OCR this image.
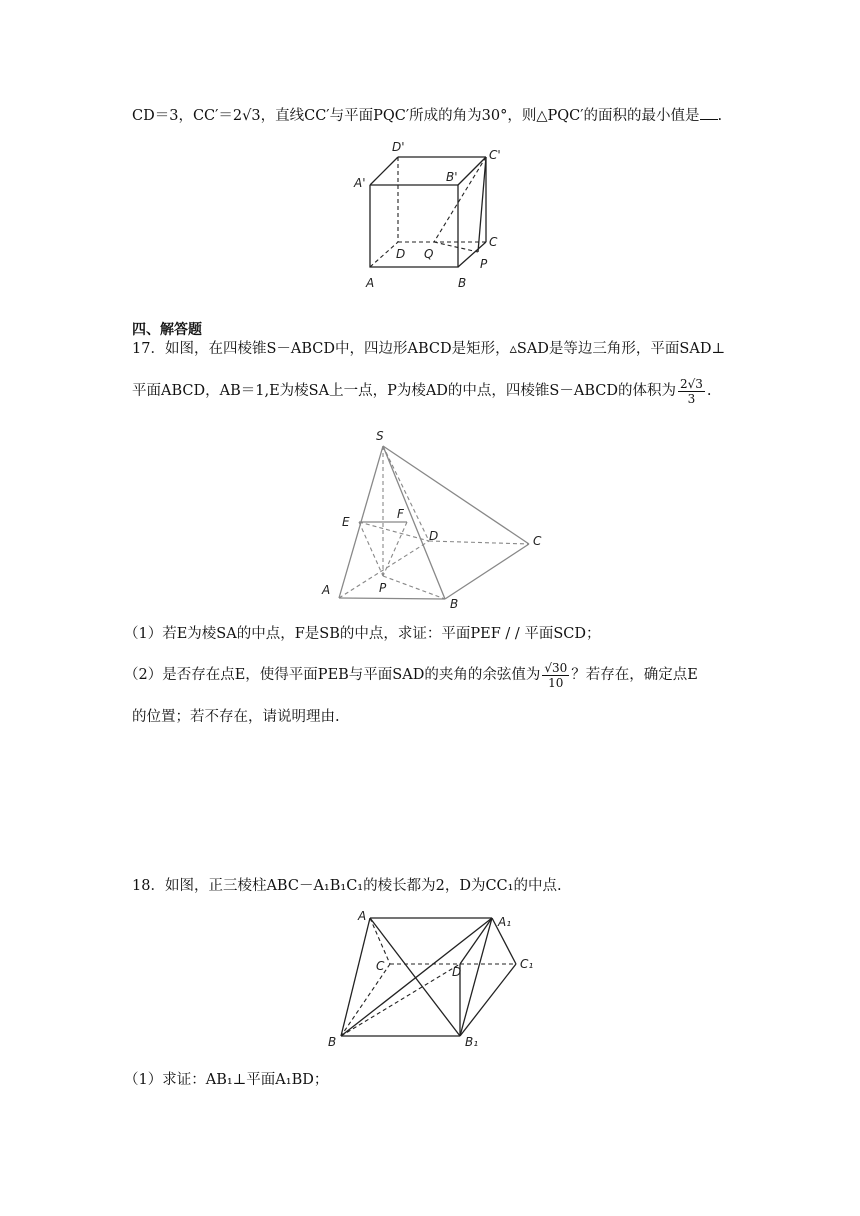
CD＝3，CC′＝2√3，直线CC′与平面PQC′所成的角为30°，则△PQC′的面积的最小值是 .
D'
C'
A'	B'
D Q
C
P
A	B
四、解答题
17．如图，在四棱锥S－ABCD中，四边形ABCD是矩形，▵SAD是等边三角形，平面SAD⊥
平面ABCD，AB＝1,E为棱SA上一点，P为棱AD的中点，四棱锥S－ABCD的体积为 $\frac{2√3}{3}$ .
S
E
F
D	C
P
A
B
（1）若E为棱SA的中点，F是SB的中点，求证：平面PEF / / 平面SCD；
（2）是否存在点E，使得平面PEB与平面SAD的夹角的余弦值为 $\frac{√30}{10}$ ？若存在，确定点E
的位置；若不存在，请说明理由.
18．如图，正三棱柱ABC－A₁B₁C₁的棱长都为2，D为CC₁的中点.
A	A₁
C	D
C₁
B	B₁
（1）求证：AB₁⊥平面A₁BD；
